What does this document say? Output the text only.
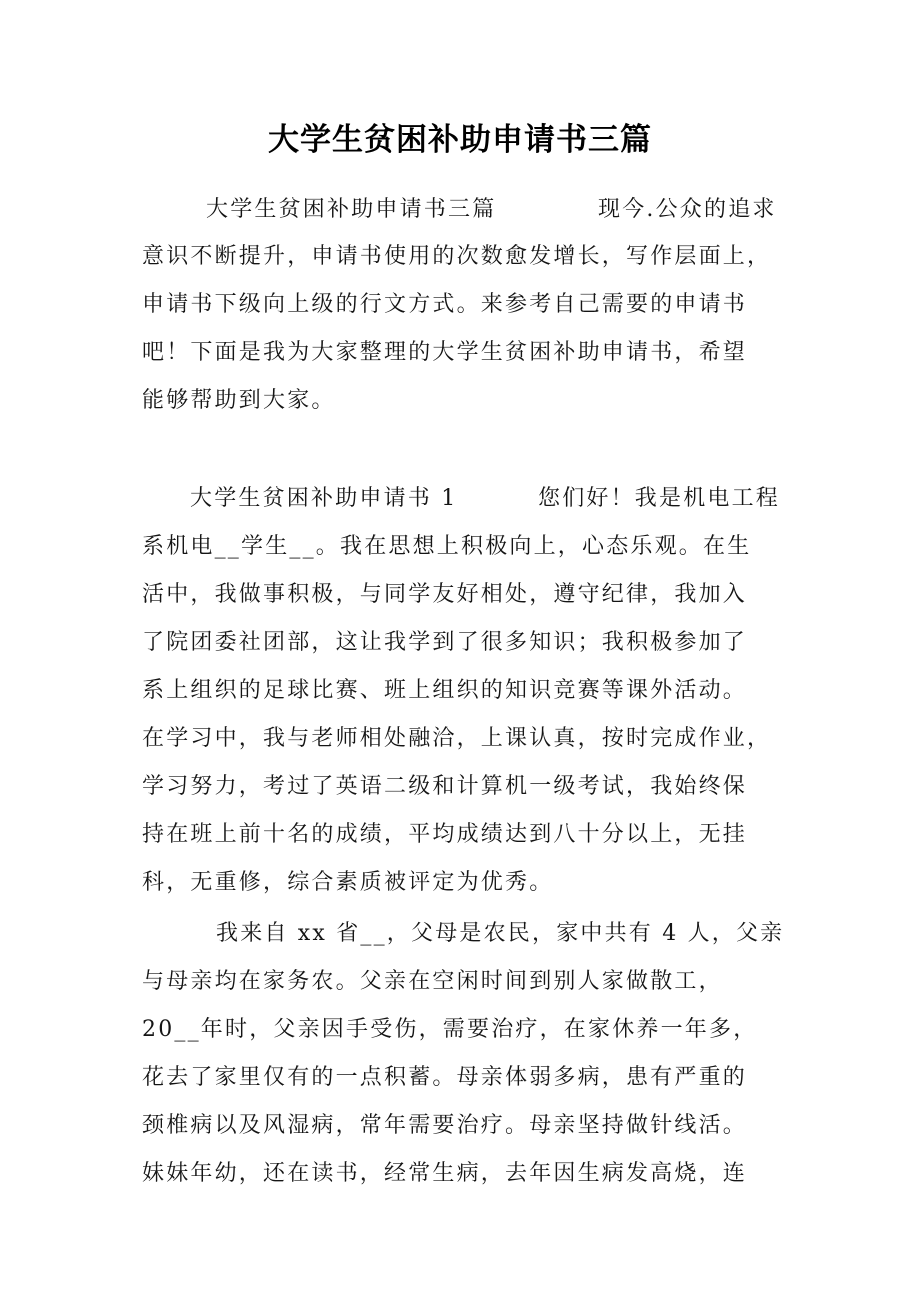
大学生贫困补助申请书三篇
大学生贫困补助申请书三篇	现今.公众的追求
意识不断提升，申请书使用的次数愈发增长，写作层面上，
申请书下级向上级的行文方式。来参考自己需要的申请书
吧！下面是我为大家整理的大学生贫困补助申请书，希望
能够帮助到大家。
大学生贫困补助申请书 1	您们好！我是机电工程
系机电__学生__。我在思想上积极向上，心态乐观。在生
活中，我做事积极，与同学友好相处，遵守纪律，我加入
了院团委社团部，这让我学到了很多知识；我积极参加了
系上组织的足球比赛、班上组织的知识竞赛等课外活动。
在学习中，我与老师相处融洽，上课认真，按时完成作业，
学习努力，考过了英语二级和计算机一级考试，我始终保
持在班上前十名的成绩，平均成绩达到八十分以上，无挂
科，无重修，综合素质被评定为优秀。
我来自 xx 省__，父母是农民，家中共有 4 人，父亲
与母亲均在家务农。父亲在空闲时间到别人家做散工，
20__年时，父亲因手受伤，需要治疗，在家休养一年多，
花去了家里仅有的一点积蓄。母亲体弱多病，患有严重的
颈椎病以及风湿病，常年需要治疗。母亲坚持做针线活。
妹妹年幼，还在读书，经常生病，去年因生病发高烧，连
